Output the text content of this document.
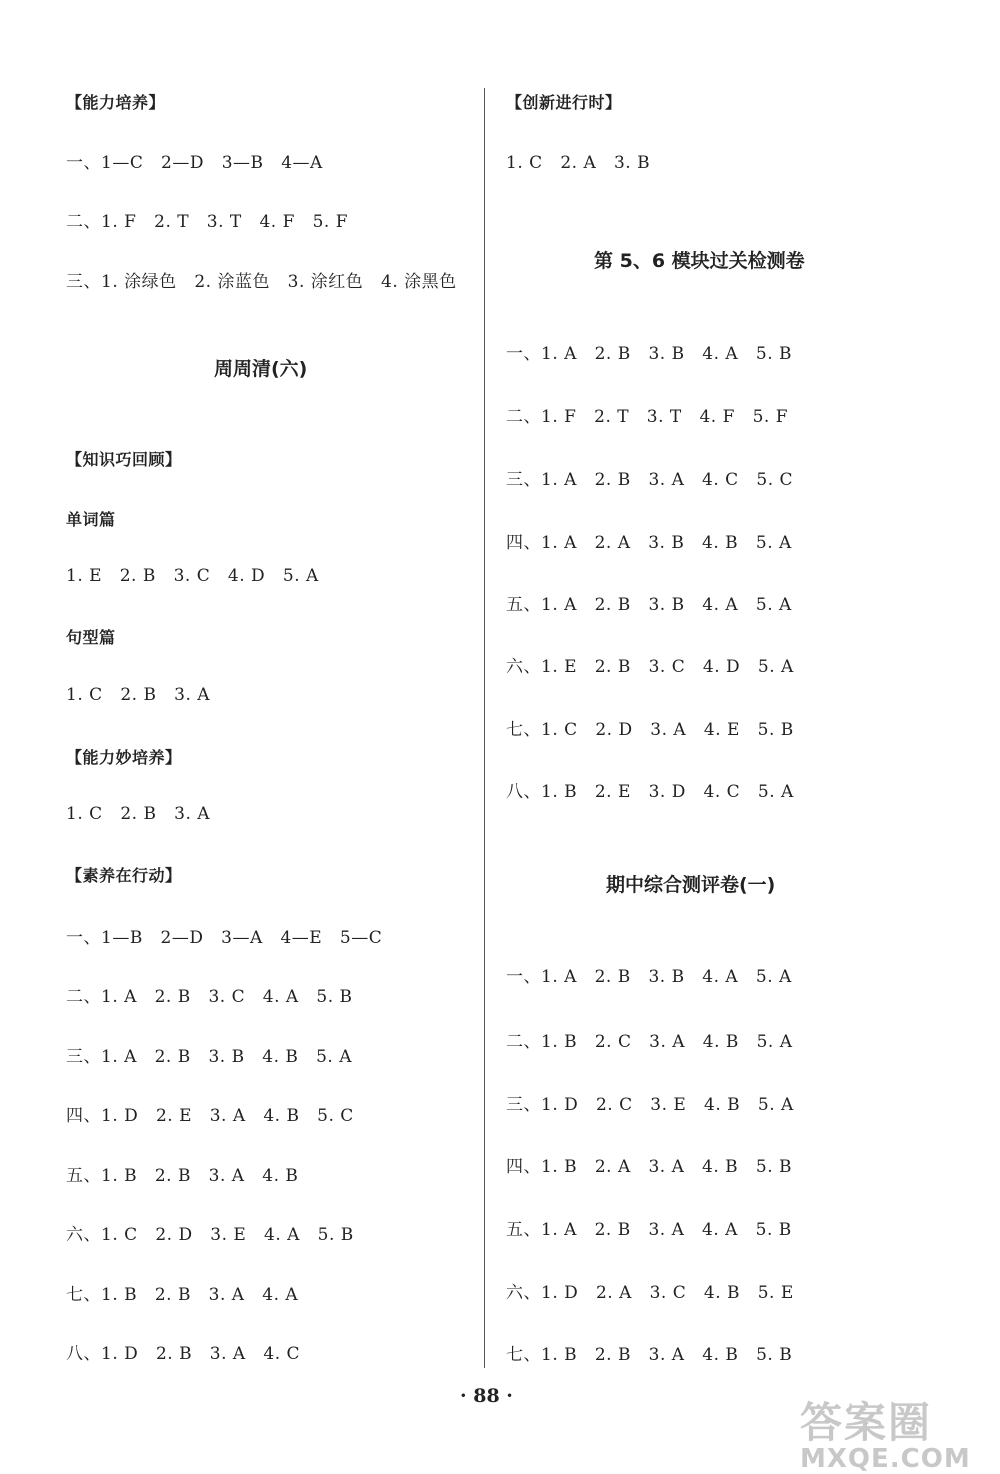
【能力培养】
一、1—C   2—D   3—B   4—A
二、1. F   2. T   3. T   4. F   5. F
三、1. 涂绿色   2. 涂蓝色   3. 涂红色   4. 涂黑色
周周清(六)
【知识巧回顾】
单词篇
1. E   2. B   3. C   4. D   5. A
句型篇
1. C   2. B   3. A
【能力妙培养】
1. C   2. B   3. A
【素养在行动】
一、1—B   2—D   3—A   4—E   5—C
二、1. A   2. B   3. C   4. A   5. B
三、1. A   2. B   3. B   4. B   5. A
四、1. D   2. E   3. A   4. B   5. C
五、1. B   2. B   3. A   4. B
六、1. C   2. D   3. E   4. A   5. B
七、1. B   2. B   3. A   4. A
八、1. D   2. B   3. A   4. C
【创新进行时】
1. C   2. A   3. B
第 5、6 模块过关检测卷
一、1. A   2. B   3. B   4. A   5. B
二、1. F   2. T   3. T   4. F   5. F
三、1. A   2. B   3. A   4. C   5. C
四、1. A   2. A   3. B   4. B   5. A
五、1. A   2. B   3. B   4. A   5. A
六、1. E   2. B   3. C   4. D   5. A
七、1. C   2. D   3. A   4. E   5. B
八、1. B   2. E   3. D   4. C   5. A
期中综合测评卷(一)
一、1. A   2. B   3. B   4. A   5. A
二、1. B   2. C   3. A   4. B   5. A
三、1. D   2. C   3. E   4. B   5. A
四、1. B   2. A   3. A   4. B   5. B
五、1. A   2. B   3. A   4. A   5. B
六、1. D   2. A   3. C   4. B   5. E
七、1. B   2. B   3. A   4. B   5. B
· 88 ·
答案圈
MXQE.COM
